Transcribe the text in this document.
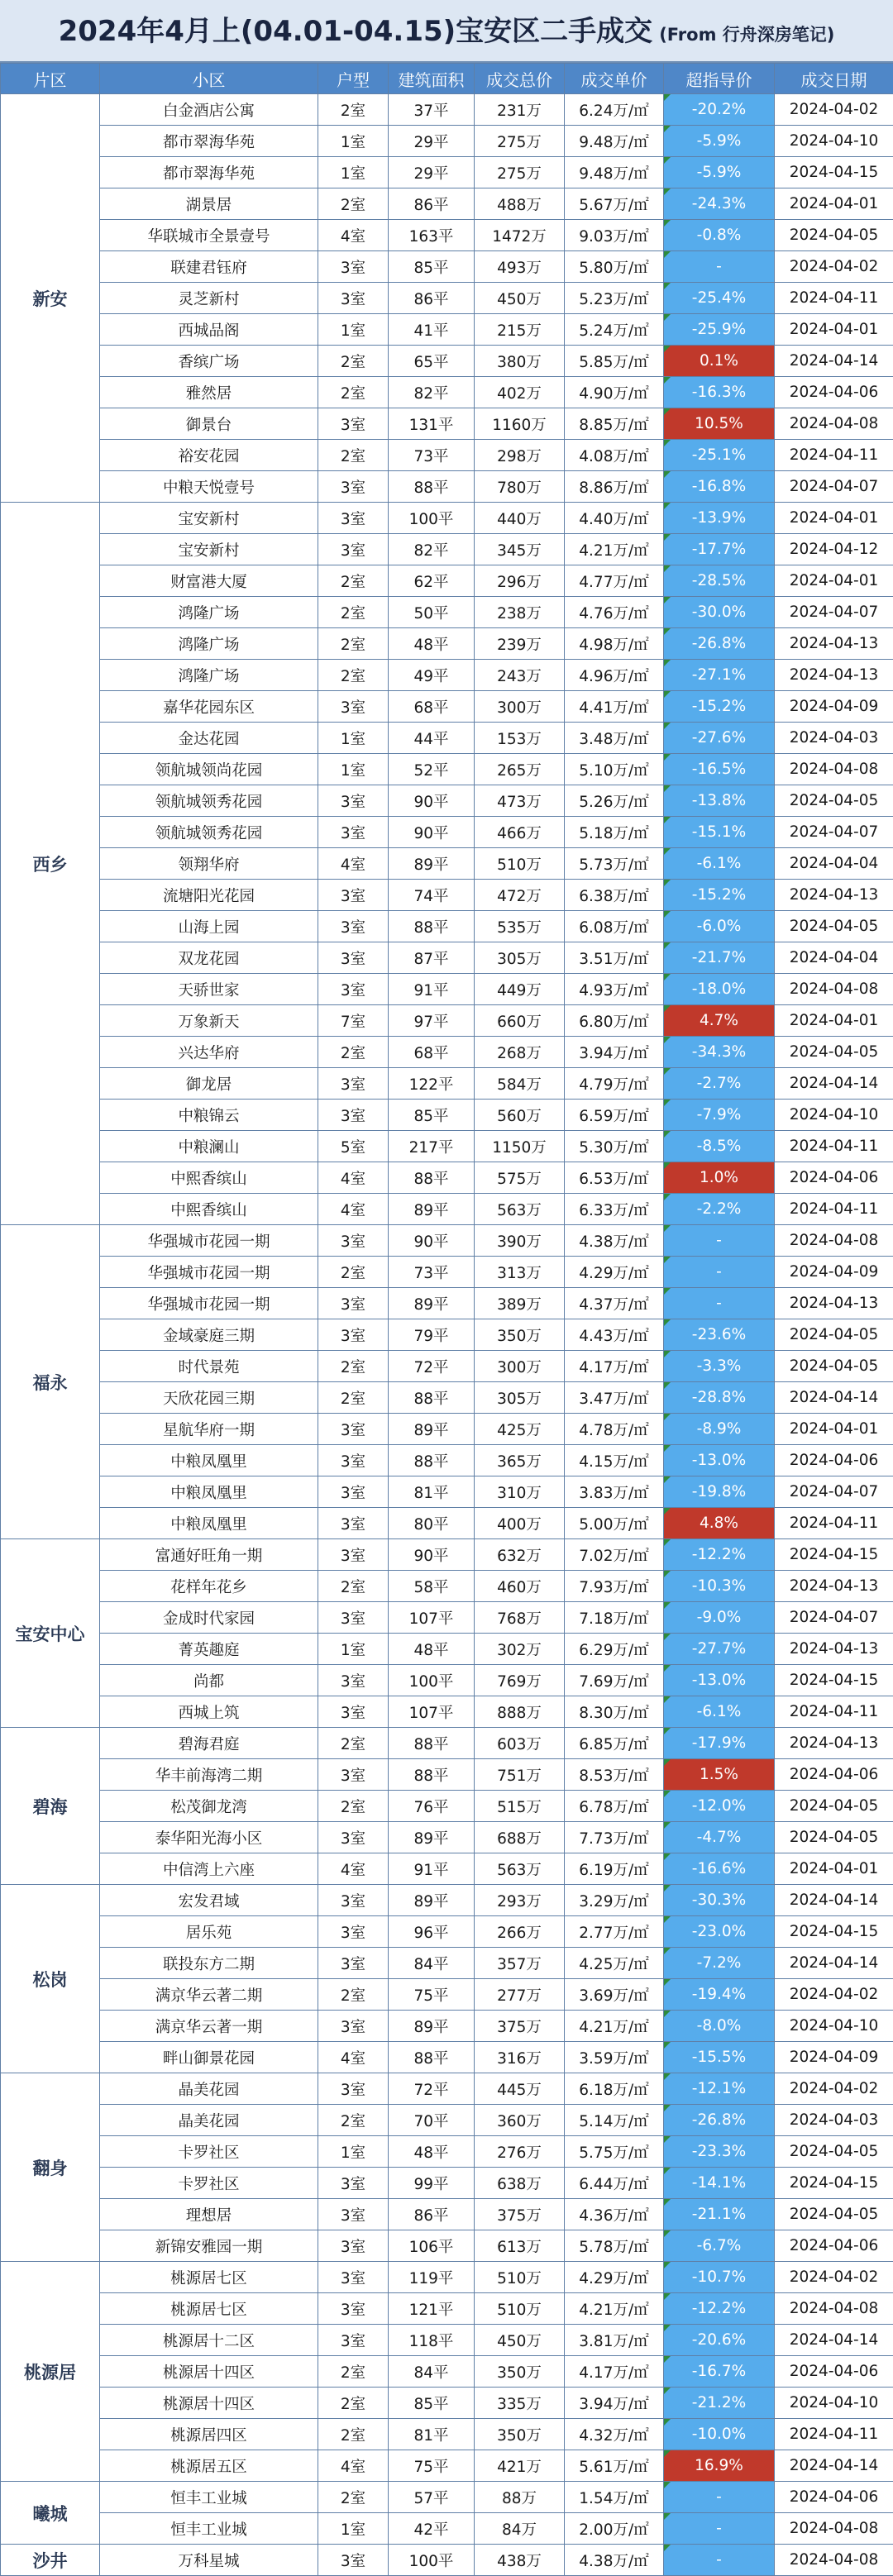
2024年4月上(04.01-04.15)宝安区二手成交 (From 行舟深房笔记)
片区	小区	户型	建筑面积	成交总价	成交单价	超指导价	成交日期
新安	白金酒店公寓	2室	37平	231万	6.24万/㎡	-20.2%	2024-04-02
	都市翠海华苑	1室	29平	275万	9.48万/㎡	-5.9%	2024-04-10
	都市翠海华苑	1室	29平	275万	9.48万/㎡	-5.9%	2024-04-15
	湖景居	2室	86平	488万	5.67万/㎡	-24.3%	2024-04-01
	华联城市全景壹号	4室	163平	1472万	9.03万/㎡	-0.8%	2024-04-05
	联建君钰府	3室	85平	493万	5.80万/㎡	-	2024-04-02
	灵芝新村	3室	86平	450万	5.23万/㎡	-25.4%	2024-04-11
	西城品阁	1室	41平	215万	5.24万/㎡	-25.9%	2024-04-01
	香缤广场	2室	65平	380万	5.85万/㎡	0.1%	2024-04-14
	雅然居	2室	82平	402万	4.90万/㎡	-16.3%	2024-04-06
	御景台	3室	131平	1160万	8.85万/㎡	10.5%	2024-04-08
	裕安花园	2室	73平	298万	4.08万/㎡	-25.1%	2024-04-11
	中粮天悦壹号	3室	88平	780万	8.86万/㎡	-16.8%	2024-04-07
西乡	宝安新村	3室	100平	440万	4.40万/㎡	-13.9%	2024-04-01
	宝安新村	3室	82平	345万	4.21万/㎡	-17.7%	2024-04-12
	财富港大厦	2室	62平	296万	4.77万/㎡	-28.5%	2024-04-01
	鸿隆广场	2室	50平	238万	4.76万/㎡	-30.0%	2024-04-07
	鸿隆广场	2室	48平	239万	4.98万/㎡	-26.8%	2024-04-13
	鸿隆广场	2室	49平	243万	4.96万/㎡	-27.1%	2024-04-13
	嘉华花园东区	3室	68平	300万	4.41万/㎡	-15.2%	2024-04-09
	金达花园	1室	44平	153万	3.48万/㎡	-27.6%	2024-04-03
	领航城领尚花园	1室	52平	265万	5.10万/㎡	-16.5%	2024-04-08
	领航城领秀花园	3室	90平	473万	5.26万/㎡	-13.8%	2024-04-05
	领航城领秀花园	3室	90平	466万	5.18万/㎡	-15.1%	2024-04-07
	领翔华府	4室	89平	510万	5.73万/㎡	-6.1%	2024-04-04
	流塘阳光花园	3室	74平	472万	6.38万/㎡	-15.2%	2024-04-13
	山海上园	3室	88平	535万	6.08万/㎡	-6.0%	2024-04-05
	双龙花园	3室	87平	305万	3.51万/㎡	-21.7%	2024-04-04
	天骄世家	3室	91平	449万	4.93万/㎡	-18.0%	2024-04-08
	万象新天	7室	97平	660万	6.80万/㎡	4.7%	2024-04-01
	兴达华府	2室	68平	268万	3.94万/㎡	-34.3%	2024-04-05
	御龙居	3室	122平	584万	4.79万/㎡	-2.7%	2024-04-14
	中粮锦云	3室	85平	560万	6.59万/㎡	-7.9%	2024-04-10
	中粮澜山	5室	217平	1150万	5.30万/㎡	-8.5%	2024-04-11
	中熙香缤山	4室	88平	575万	6.53万/㎡	1.0%	2024-04-06
	中熙香缤山	4室	89平	563万	6.33万/㎡	-2.2%	2024-04-11
福永	华强城市花园一期	3室	90平	390万	4.38万/㎡	-	2024-04-08
	华强城市花园一期	2室	73平	313万	4.29万/㎡	-	2024-04-09
	华强城市花园一期	3室	89平	389万	4.37万/㎡	-	2024-04-13
	金域豪庭三期	3室	79平	350万	4.43万/㎡	-23.6%	2024-04-05
	时代景苑	2室	72平	300万	4.17万/㎡	-3.3%	2024-04-05
	天欣花园三期	2室	88平	305万	3.47万/㎡	-28.8%	2024-04-14
	星航华府一期	3室	89平	425万	4.78万/㎡	-8.9%	2024-04-01
	中粮凤凰里	3室	88平	365万	4.15万/㎡	-13.0%	2024-04-06
	中粮凤凰里	3室	81平	310万	3.83万/㎡	-19.8%	2024-04-07
	中粮凤凰里	3室	80平	400万	5.00万/㎡	4.8%	2024-04-11
宝安中心	富通好旺角一期	3室	90平	632万	7.02万/㎡	-12.2%	2024-04-15
	花样年花乡	2室	58平	460万	7.93万/㎡	-10.3%	2024-04-13
	金成时代家园	3室	107平	768万	7.18万/㎡	-9.0%	2024-04-07
	菁英趣庭	1室	48平	302万	6.29万/㎡	-27.7%	2024-04-13
	尚都	3室	100平	769万	7.69万/㎡	-13.0%	2024-04-15
	西城上筑	3室	107平	888万	8.30万/㎡	-6.1%	2024-04-11
碧海	碧海君庭	2室	88平	603万	6.85万/㎡	-17.9%	2024-04-13
	华丰前海湾二期	3室	88平	751万	8.53万/㎡	1.5%	2024-04-06
	松茂御龙湾	2室	76平	515万	6.78万/㎡	-12.0%	2024-04-05
	泰华阳光海小区	3室	89平	688万	7.73万/㎡	-4.7%	2024-04-05
	中信湾上六座	4室	91平	563万	6.19万/㎡	-16.6%	2024-04-01
松岗	宏发君域	3室	89平	293万	3.29万/㎡	-30.3%	2024-04-14
	居乐苑	3室	96平	266万	2.77万/㎡	-23.0%	2024-04-15
	联投东方二期	3室	84平	357万	4.25万/㎡	-7.2%	2024-04-14
	满京华云著二期	2室	75平	277万	3.69万/㎡	-19.4%	2024-04-02
	满京华云著一期	3室	89平	375万	4.21万/㎡	-8.0%	2024-04-10
	畔山御景花园	4室	88平	316万	3.59万/㎡	-15.5%	2024-04-09
翻身	晶美花园	3室	72平	445万	6.18万/㎡	-12.1%	2024-04-02
	晶美花园	2室	70平	360万	5.14万/㎡	-26.8%	2024-04-03
	卡罗社区	1室	48平	276万	5.75万/㎡	-23.3%	2024-04-05
	卡罗社区	3室	99平	638万	6.44万/㎡	-14.1%	2024-04-15
	理想居	3室	86平	375万	4.36万/㎡	-21.1%	2024-04-05
	新锦安雅园一期	3室	106平	613万	5.78万/㎡	-6.7%	2024-04-06
桃源居	桃源居七区	3室	119平	510万	4.29万/㎡	-10.7%	2024-04-02
	桃源居七区	3室	121平	510万	4.21万/㎡	-12.2%	2024-04-08
	桃源居十二区	3室	118平	450万	3.81万/㎡	-20.6%	2024-04-14
	桃源居十四区	2室	84平	350万	4.17万/㎡	-16.7%	2024-04-06
	桃源居十四区	2室	85平	335万	3.94万/㎡	-21.2%	2024-04-10
	桃源居四区	2室	81平	350万	4.32万/㎡	-10.0%	2024-04-11
	桃源居五区	4室	75平	421万	5.61万/㎡	16.9%	2024-04-14
曦城	恒丰工业城	2室	57平	88万	1.54万/㎡	-	2024-04-06
	恒丰工业城	1室	42平	84万	2.00万/㎡	-	2024-04-08
沙井	万科星城	3室	100平	438万	4.38万/㎡	-	2024-04-08
